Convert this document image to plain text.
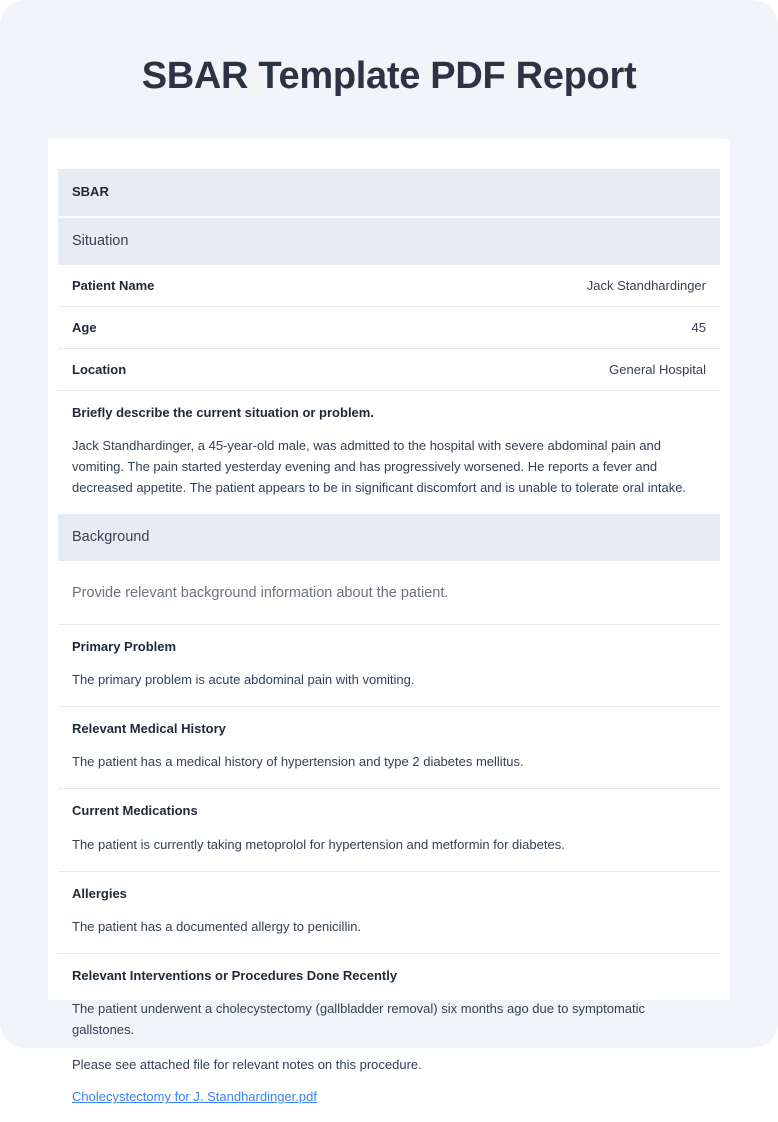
SBAR Template PDF Report
SBAR
Situation
Patient Name	Jack Standhardinger
Age	45
Location	General Hospital
Briefly describe the current situation or problem.
Jack Standhardinger, a 45-year-old male, was admitted to the hospital with severe abdominal pain and vomiting. The pain started yesterday evening and has progressively worsened. He reports a fever and decreased appetite. The patient appears to be in significant discomfort and is unable to tolerate oral intake.
Background
Provide relevant background information about the patient.
Primary Problem
The primary problem is acute abdominal pain with vomiting.
Relevant Medical History
The patient has a medical history of hypertension and type 2 diabetes mellitus.
Current Medications
The patient is currently taking metoprolol for hypertension and metformin for diabetes.
Allergies
The patient has a documented allergy to penicillin.
Relevant Interventions or Procedures Done Recently
The patient underwent a cholecystectomy (gallbladder removal) six months ago due to symptomatic gallstones.
Please see attached file for relevant notes on this procedure.
Cholecystectomy for J. Standhardinger.pdf
